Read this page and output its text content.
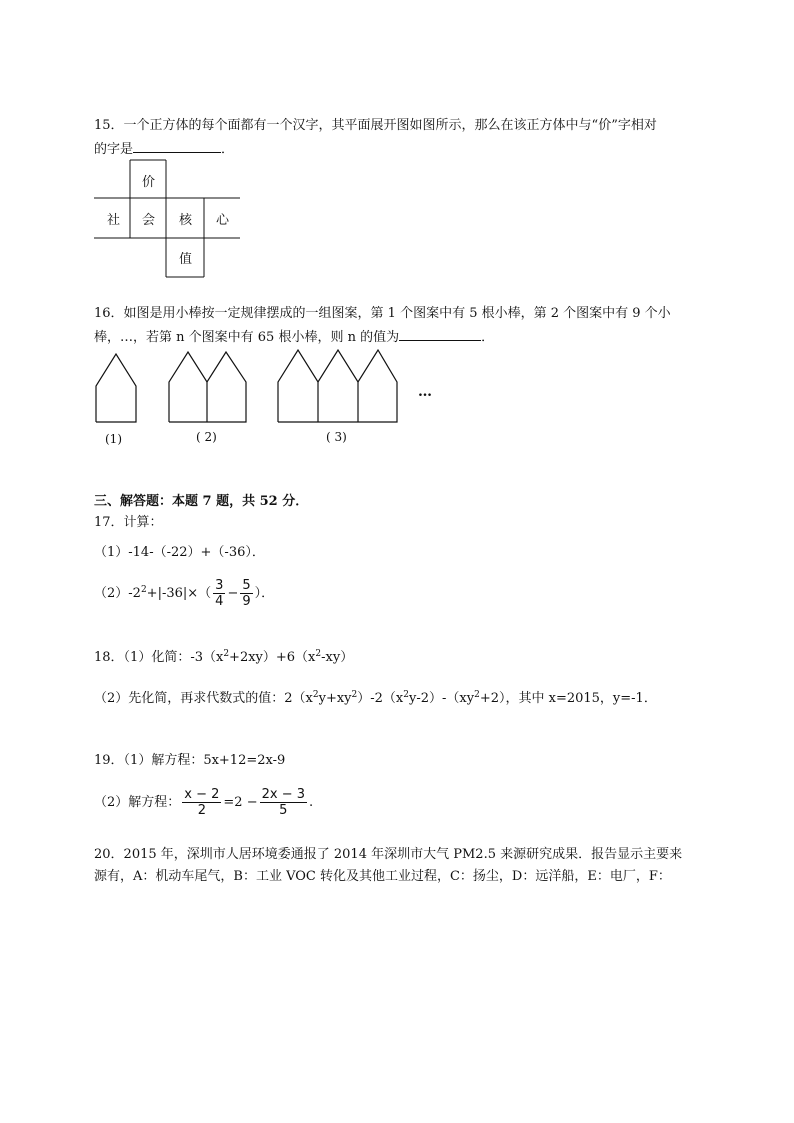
15．一个正方体的每个面都有一个汉字，其平面展开图如图所示，那么在该正方体中与“价”字相对
的字是	．
价
社	会	核	心
值
16．如图是用小棒按一定规律摆成的一组图案，第 1 个图案中有 5 根小棒，第 2 个图案中有 9 个小
棒，…，若第 n 个图案中有 65 根小棒，则 n 的值为	．
(1)	( 2)	( 3)
…
三、解答题：本题 7 题，共 52 分．
17．计算：
（1）-14-（-22）+（-36）．
$(2)-2^2+|-36|\times( \frac{3}{4} - \frac{5}{9}$ ）．
18．（1）化简：$-3(x^2+2xy)+6(x^2-xy)$
（2）先化简，再求代数式的值：$2(x^2y+xy^2)-2(x^2y-2)-(xy^2+2)$，其中 x=2015，y=-1．
19．（1）解方程：5x+12=2x-9
（2）解方程： $\frac{x - 2}{2} =2 - \frac{2x - 3}{5}$ .
20．2015 年，深圳市人居环境委通报了 2014 年深圳市大气 PM2.5 来源研究成果．报告显示主要来
源有，A：机动车尾气，B：工业 VOC 转化及其他工业过程，C：扬尘，D：远洋船，E：电厂，F：
